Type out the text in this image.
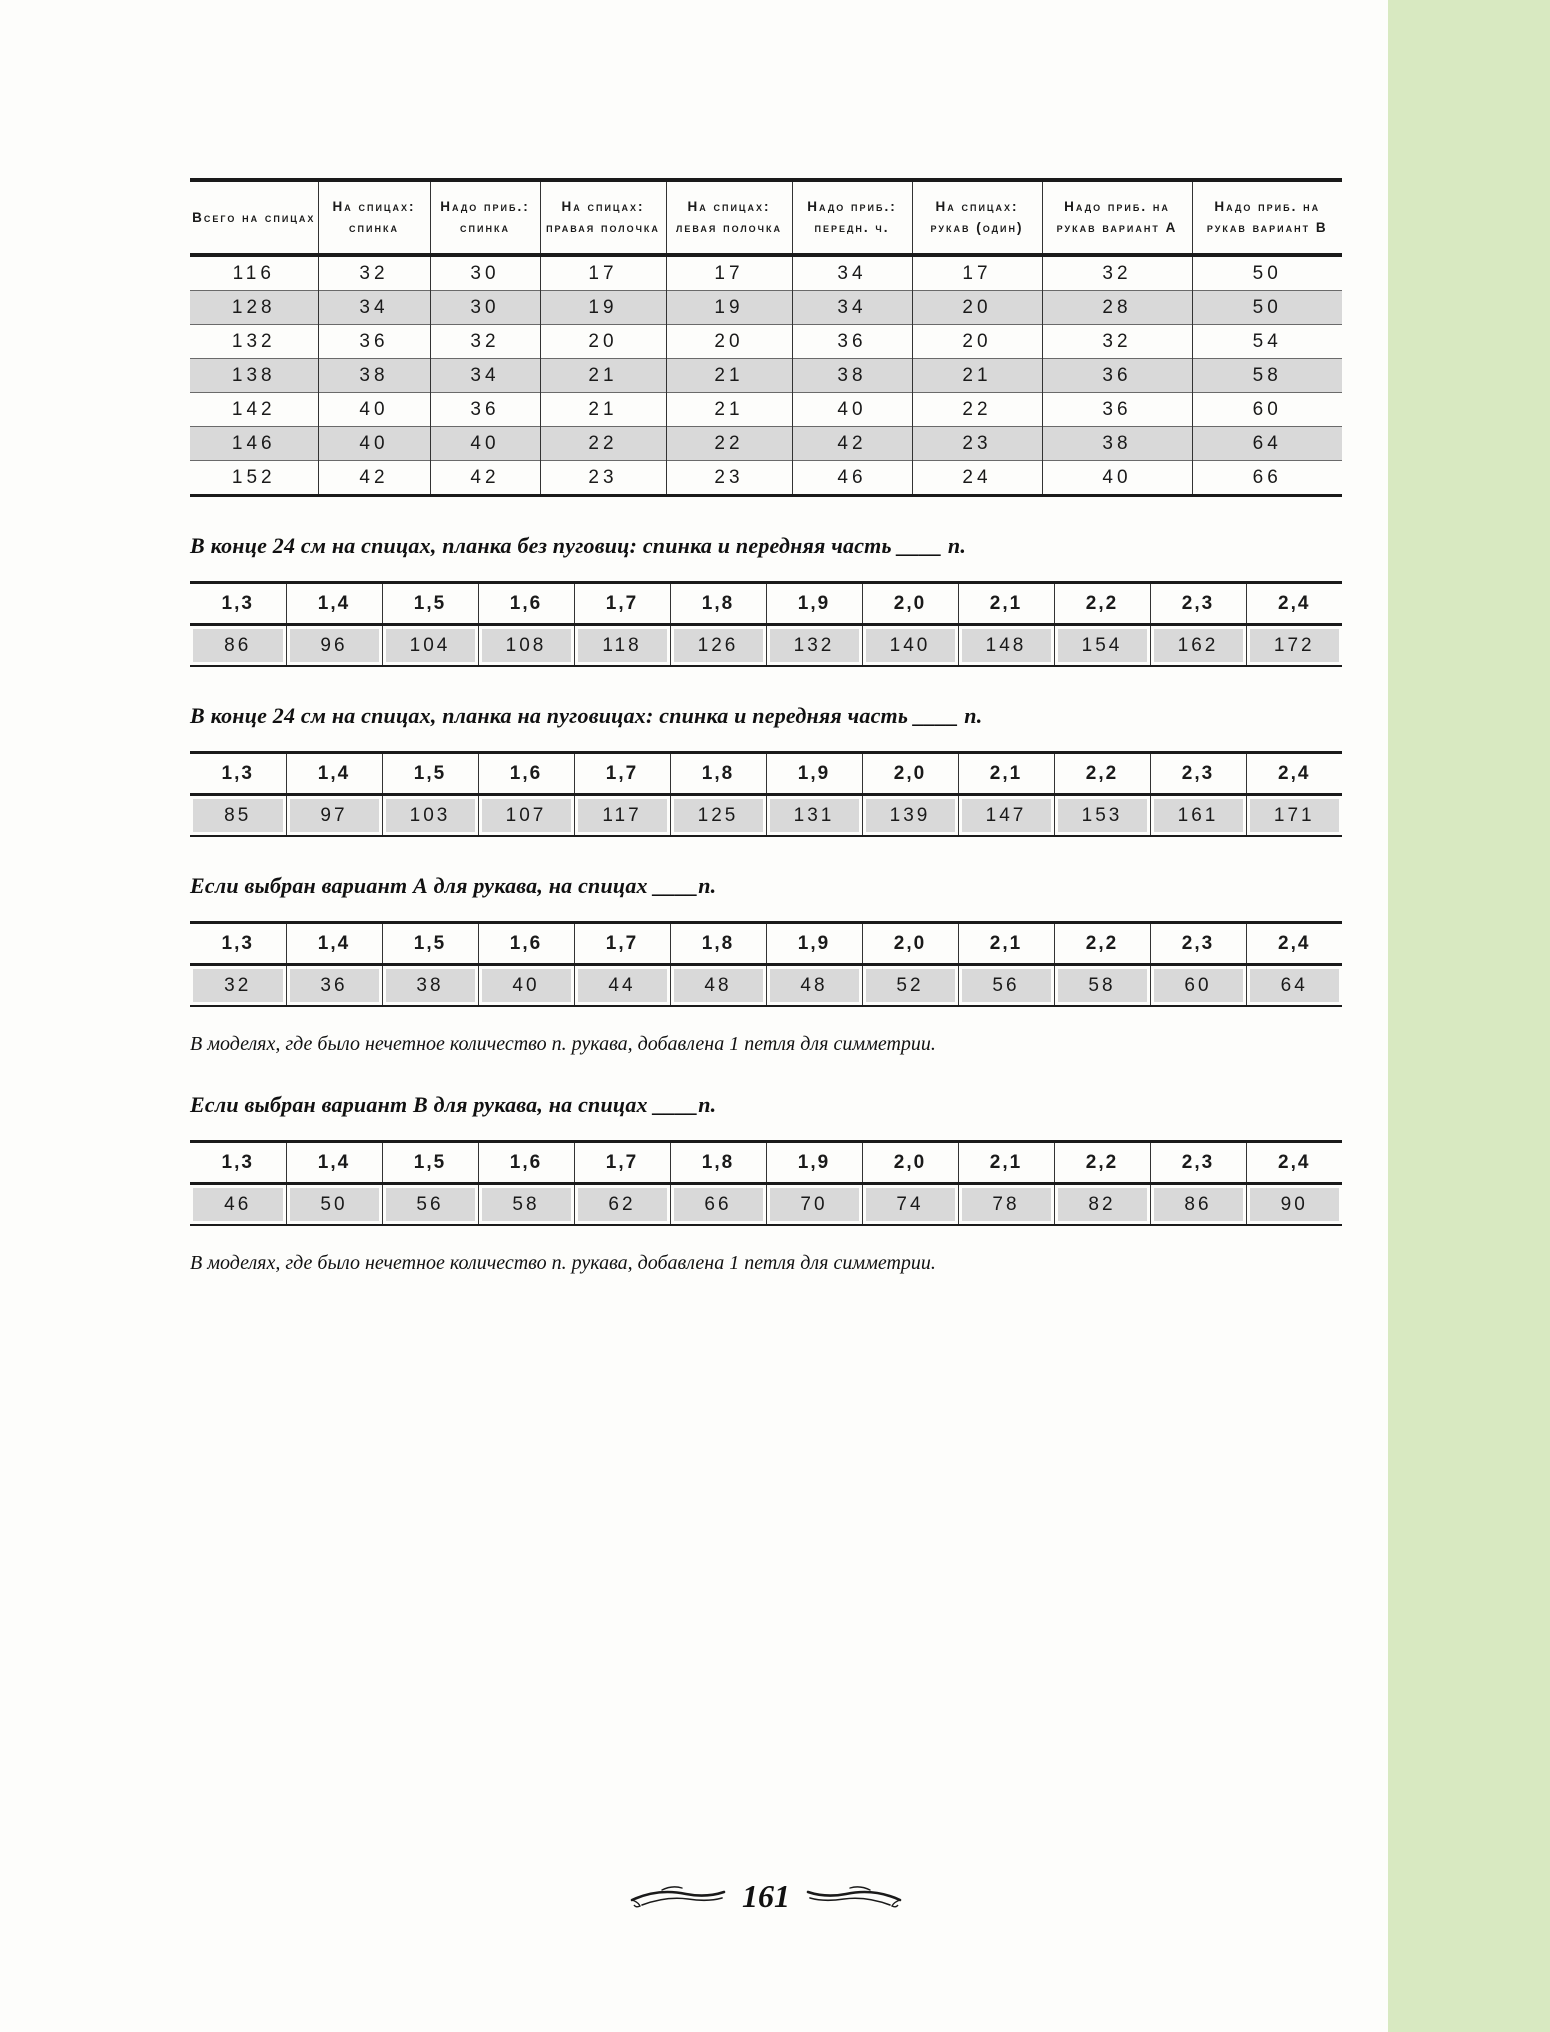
Всего на спицах	На спицах: спинка	Надо приб.: спинка	На спицах: правая полочка	На спицах: левая полочка	Надо приб.: передн. ч.	На спицах: рукав (один)	Надо приб. на рукав вариант А	Надо приб. на рукав вариант В
116	32	30	17	17	34	17	32	50
128	34	30	19	19	34	20	28	50
132	36	32	20	20	36	20	32	54
138	38	34	21	21	38	21	36	58
142	40	36	21	21	40	22	36	60
146	40	40	22	22	42	23	38	64
152	42	42	23	23	46	24	40	66
В конце 24 см на спицах, планка без пуговиц: спинка и передняя часть ____ п.
1,3	1,4	1,5	1,6	1,7	1,8	1,9	2,0	2,1	2,2	2,3	2,4

86	96	104	108	118	126	132	140	148	154	162	172
В конце 24 см на спицах, планка на пуговицах: спинка и передняя часть ____ п.
1,3	1,4	1,5	1,6	1,7	1,8	1,9	2,0	2,1	2,2	2,3	2,4

85	97	103	107	117	125	131	139	147	153	161	171
Если выбран вариант А для рукава, на спицах ____п.
1,3	1,4	1,5	1,6	1,7	1,8	1,9	2,0	2,1	2,2	2,3	2,4

32	36	38	40	44	48	48	52	56	58	60	64
В моделях, где было нечетное количество п. рукава, добавлена 1 петля для симметрии.
Если выбран вариант В для рукава, на спицах ____п.
1,3	1,4	1,5	1,6	1,7	1,8	1,9	2,0	2,1	2,2	2,3	2,4

46	50	56	58	62	66	70	74	78	82	86	90
В моделях, где было нечетное количество п. рукава, добавлена 1 петля для симметрии.
161
